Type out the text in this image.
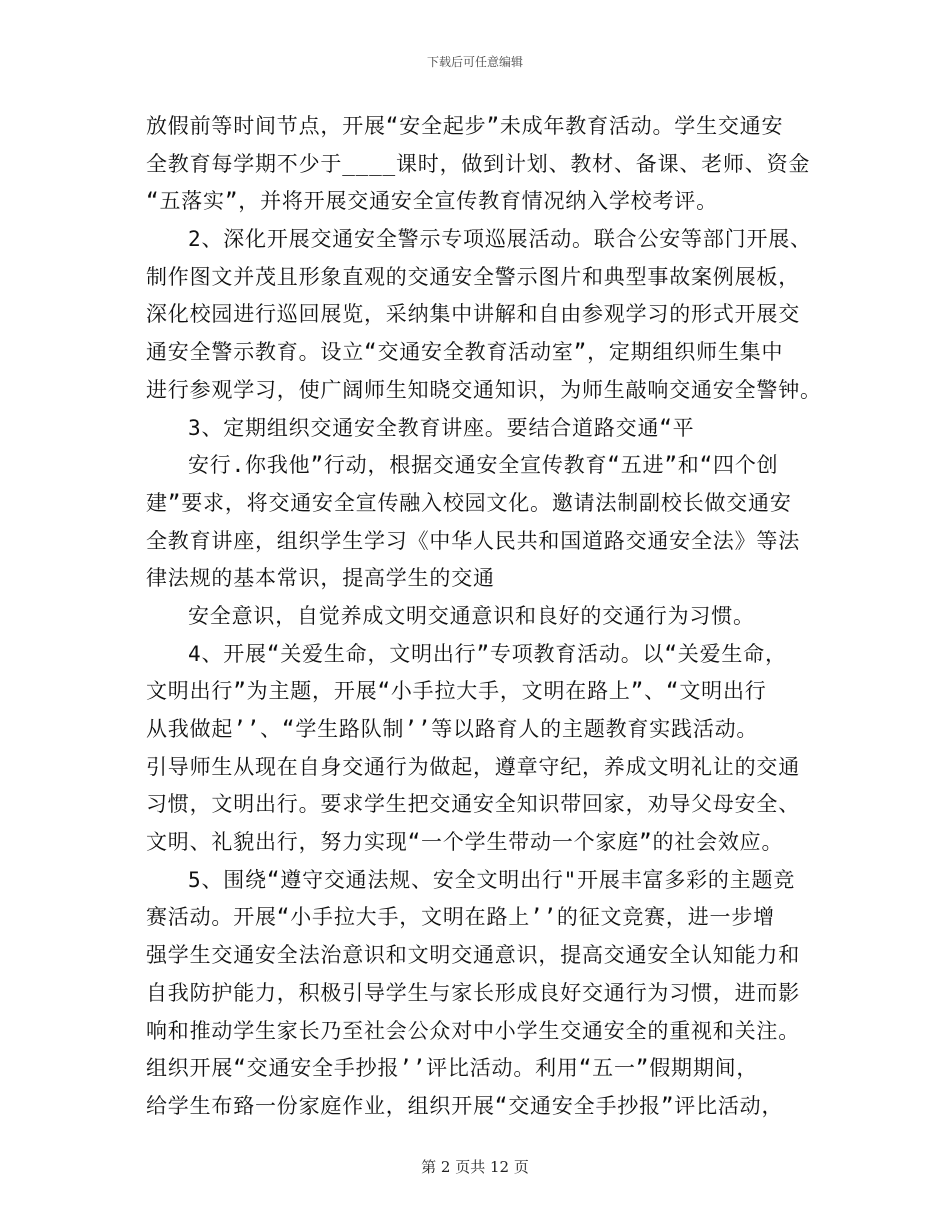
下载后可任意编辑
放假前等时间节点，开展“安全起步”未成年教育活动。学生交通安
全教育每学期不少于____课时，做到计划、教材、备课、老师、资金
“五落实”，并将开展交通安全宣传教育情况纳入学校考评。
2、深化开展交通安全警示专项巡展活动。联合公安等部门开展、
制作图文并茂且形象直观的交通安全警示图片和典型事故案例展板，
深化校园进行巡回展览，采纳集中讲解和自由参观学习的形式开展交
通安全警示教育。设立“交通安全教育活动室”，定期组织师生集中
进行参观学习，使广阔师生知晓交通知识，为师生敲响交通安全警钟。
3、定期组织交通安全教育讲座。要结合道路交通“平
安行.你我他”行动，根据交通安全宣传教育“五进”和“四个创
建”要求，将交通安全宣传融入校园文化。邀请法制副校长做交通安
全教育讲座，组织学生学习《中华人民共和国道路交通安全法》等法
律法规的基本常识，提高学生的交通
安全意识，自觉养成文明交通意识和良好的交通行为习惯。
4、开展“关爱生命，文明出行”专项教育活动。以“关爱生命，
文明出行”为主题，开展“小手拉大手，文明在路上”、“文明出行
从我做起’’、“学生路队制’’等以路育人的主题教育实践活动。
引导师生从现在自身交通行为做起，遵章守纪，养成文明礼让的交通
习惯，文明出行。要求学生把交通安全知识带回家，劝导父母安全、
文明、礼貌出行，努力实现“一个学生带动一个家庭”的社会效应。
5、围绕“遵守交通法规、安全文明出行"开展丰富多彩的主题竞
赛活动。开展“小手拉大手，文明在路上’’的征文竞赛，进一步增
强学生交通安全法治意识和文明交通意识，提高交通安全认知能力和
自我防护能力，积极引导学生与家长形成良好交通行为习惯，进而影
响和推动学生家长乃至社会公众对中小学生交通安全的重视和关注。
组织开展“交通安全手抄报’’评比活动。利用“五一”假期期间，
给学生布臵一份家庭作业，组织开展“交通安全手抄报”评比活动，
第 2 页共 12 页
